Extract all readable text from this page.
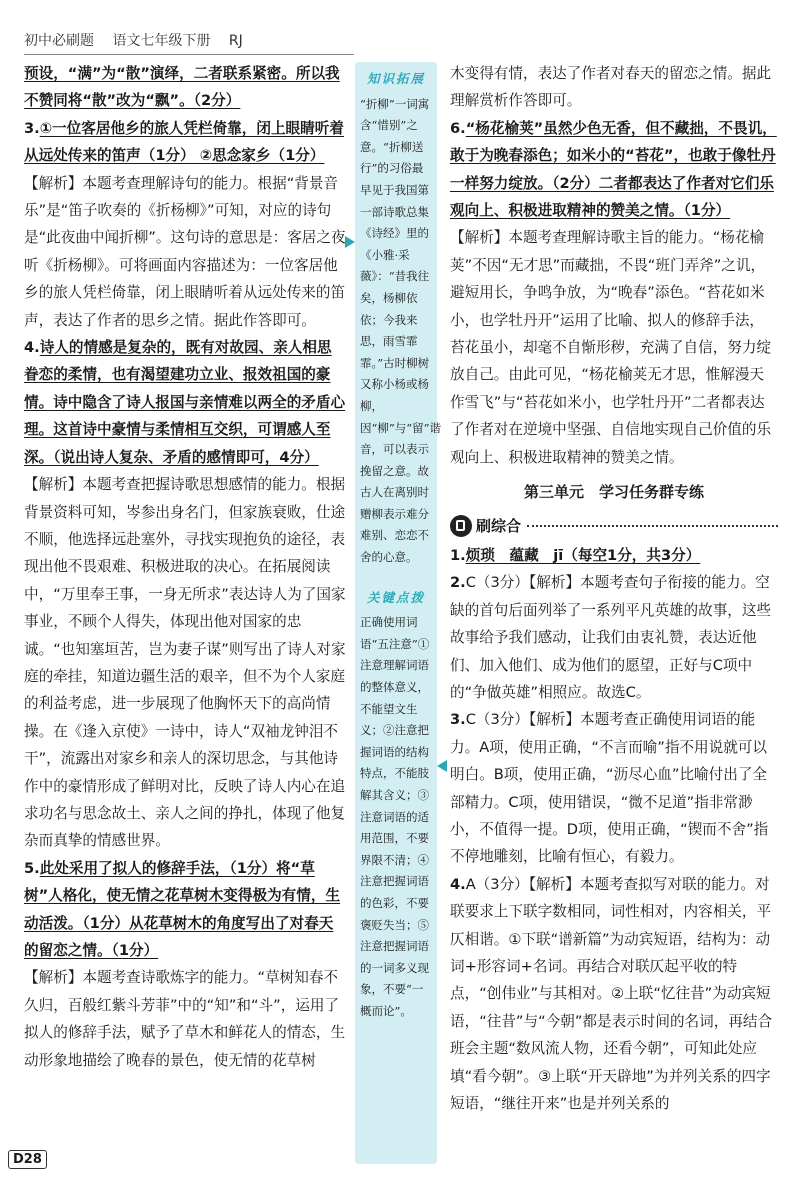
初中必刷题 语文七年级下册 RJ

预设，“满”为“散”演绎，二者联系紧密。所以我不赞同将“散”改为“飘”。（2分）

3.①一位客居他乡的旅人凭栏倚靠，闭上眼睛听着从远处传来的笛声（1分） ②思念家乡（1分）

【解析】本题考查理解诗句的能力。根据“背景音乐”是“笛子吹奏的《折杨柳》”可知，对应的诗句是“此夜曲中闻折柳”。这句诗的意思是：客居之夜听《折杨柳》。可将画面内容描述为：一位客居他乡的旅人凭栏倚靠，闭上眼睛听着从远处传来的笛声，表达了作者的思乡之情。据此作答即可。

4.诗人的情感是复杂的，既有对故园、亲人相思眷恋的柔情，也有渴望建功立业、报效祖国的豪情。诗中隐含了诗人报国与亲情难以两全的矛盾心理。这首诗中豪情与柔情相互交织，可谓感人至深。（说出诗人复杂、矛盾的感情即可，4分）

【解析】本题考查把握诗歌思想感情的能力。根据背景资料可知，岑参出身名门，但家族衰败，仕途不顺，他选择远赴塞外，寻找实现抱负的途径，表现出他不畏艰难、积极进取的决心。在拓展阅读中，“万里奉王事，一身无所求”表达诗人为了国家事业，不顾个人得失，体现出他对国家的忠诚。“也知塞垣苦，岂为妻子谋”则写出了诗人对家庭的牵挂，知道边疆生活的艰辛，但不为个人家庭的利益考虑，进一步展现了他胸怀天下的高尚情操。在《逢入京使》一诗中，诗人“双袖龙钟泪不干”，流露出对家乡和亲人的深切思念，与其他诗作中的豪情形成了鲜明对比，反映了诗人内心在追求功名与思念故土、亲人之间的挣扎，体现了他复杂而真挚的情感世界。

5.此处采用了拟人的修辞手法，（1分）将“草树”人格化，使无情之花草树木变得极为有情，生动活泼。（1分）从花草树木的角度写出了对春天的留恋之情。（1分）

【解析】本题考查诗歌炼字的能力。“草树知春不久归，百般红紫斗芳菲”中的“知”和“斗”，运用了拟人的修辞手法，赋予了草木和鲜花人的情态，生动形象地描绘了晚春的景色，使无情的花草树

知识拓展

“折柳”一词寓含“惜别”之意。“折柳送行”的习俗最早见于我国第一部诗歌总集《诗经》里的《小雅·采薇》：“昔我往矣，杨柳依依；今我来思，雨雪霏霏。”古时柳树又称小杨或杨柳，因“柳”与“留”谐音，可以表示挽留之意。故古人在离别时赠柳表示难分难别、恋恋不舍的心意。

关键点拨

正确使用词语“五注意”①注意理解词语的整体意义，不能望文生义；②注意把握词语的结构特点，不能肢解其含义；③注意词语的适用范围，不要界限不清；④注意把握词语的色彩，不要褒贬失当；⑤注意把握词语的一词多义现象，不要“一概而论”。

木变得有情，表达了作者对春天的留恋之情。据此理解赏析作答即可。

6.“杨花榆荚”虽然少色无香，但不藏拙，不畏讥，敢于为晚春添色；如米小的“苔花”，也敢于像牡丹一样努力绽放。（2分）二者都表达了作者对它们乐观向上、积极进取精神的赞美之情。（1分）

【解析】本题考查理解诗歌主旨的能力。“杨花榆荚”不因“无才思”而藏拙，不畏“班门弄斧”之讥，避短用长，争鸣争放，为“晚春”添色。“苔花如米小，也学牡丹开”运用了比喻、拟人的修辞手法，苔花虽小，却毫不自惭形秽，充满了自信，努力绽放自己。由此可见，“杨花榆荚无才思，惟解漫天作雪飞”与“苔花如米小，也学牡丹开”二者都表达了作者对在逆境中坚强、自信地实现自己价值的乐观向上、积极进取精神的赞美之情。

第三单元　学习任务群专练
刷综合

1.烦琐　蕴藏　jī（每空1分，共3分）

2.C（3分）【解析】本题考查句子衔接的能力。空缺的首句后面列举了一系列平凡英雄的故事，这些故事给予我们感动，让我们由衷礼赞，表达近他们、加入他们、成为他们的愿望，正好与C项中的“争做英雄”相照应。故选C。

3.C（3分）【解析】本题考查正确使用词语的能力。A项，使用正确，“不言而喻”指不用说就可以明白。B项，使用正确，“沥尽心血”比喻付出了全部精力。C项，使用错误，“微不足道”指非常渺小，不值得一提。D项，使用正确，“锲而不舍”指不停地雕刻，比喻有恒心，有毅力。

4.A（3分）【解析】本题考查拟写对联的能力。对联要求上下联字数相同，词性相对，内容相关，平仄相谐。①下联“谱新篇”为动宾短语，结构为：动词+形容词+名词。再结合对联仄起平收的特点，“创伟业”与其相对。②上联“忆往昔”为动宾短语，“往昔”与“今朝”都是表示时间的名词，再结合班会主题“数风流人物，还看今朝”，可知此处应填“看今朝”。③上联“开天辟地”为并列关系的四字短语，“继往开来”也是并列关系的

D28
